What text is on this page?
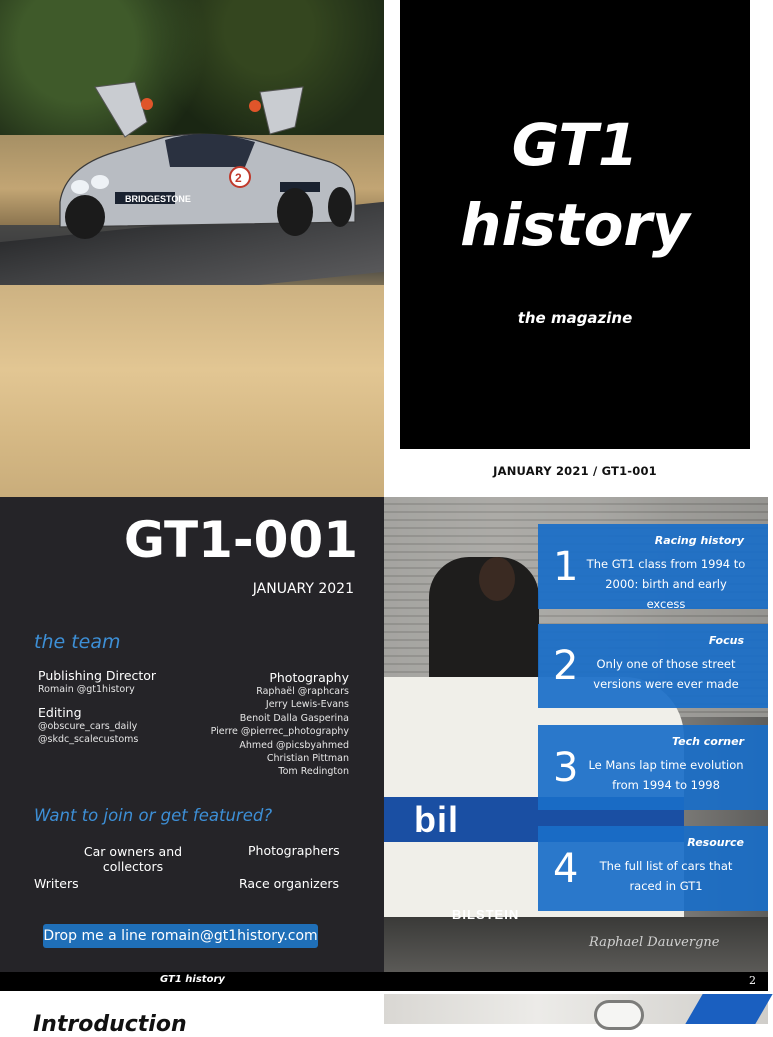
BRIDGESTONE
2	GT1
history
the magazine
JANUARY 2021 / GT1-001
GT1-001
JANUARY 2021
the team
Publishing Director
Romain @gt1history
Editing
@obscure_cars_daily
@skdc_scalecustoms
Photography
Raphaël @raphcars
Jerry Lewis-Evans
Benoit Dalla Gasperina
Pierre @pierrec_photography
Ahmed @picsbyahmed
Christian Pittman
Tom Redington
Want to join or get featured?
Car owners and collectors
Photographers
Writers	Race organizers
Drop me a line romain@gt1history.com
bil
BILSTEIN
Raphael Dauvergne
1
Racing history
The GT1 class from 1994 to 2000: birth and early excess
2
Focus
Only one of those street versions were ever made
3
Tech corner
Le Mans lap time evolution from 1994 to 1998
4
Resource
The full list of cars that raced in GT1
GT1 history	2
Introduction
